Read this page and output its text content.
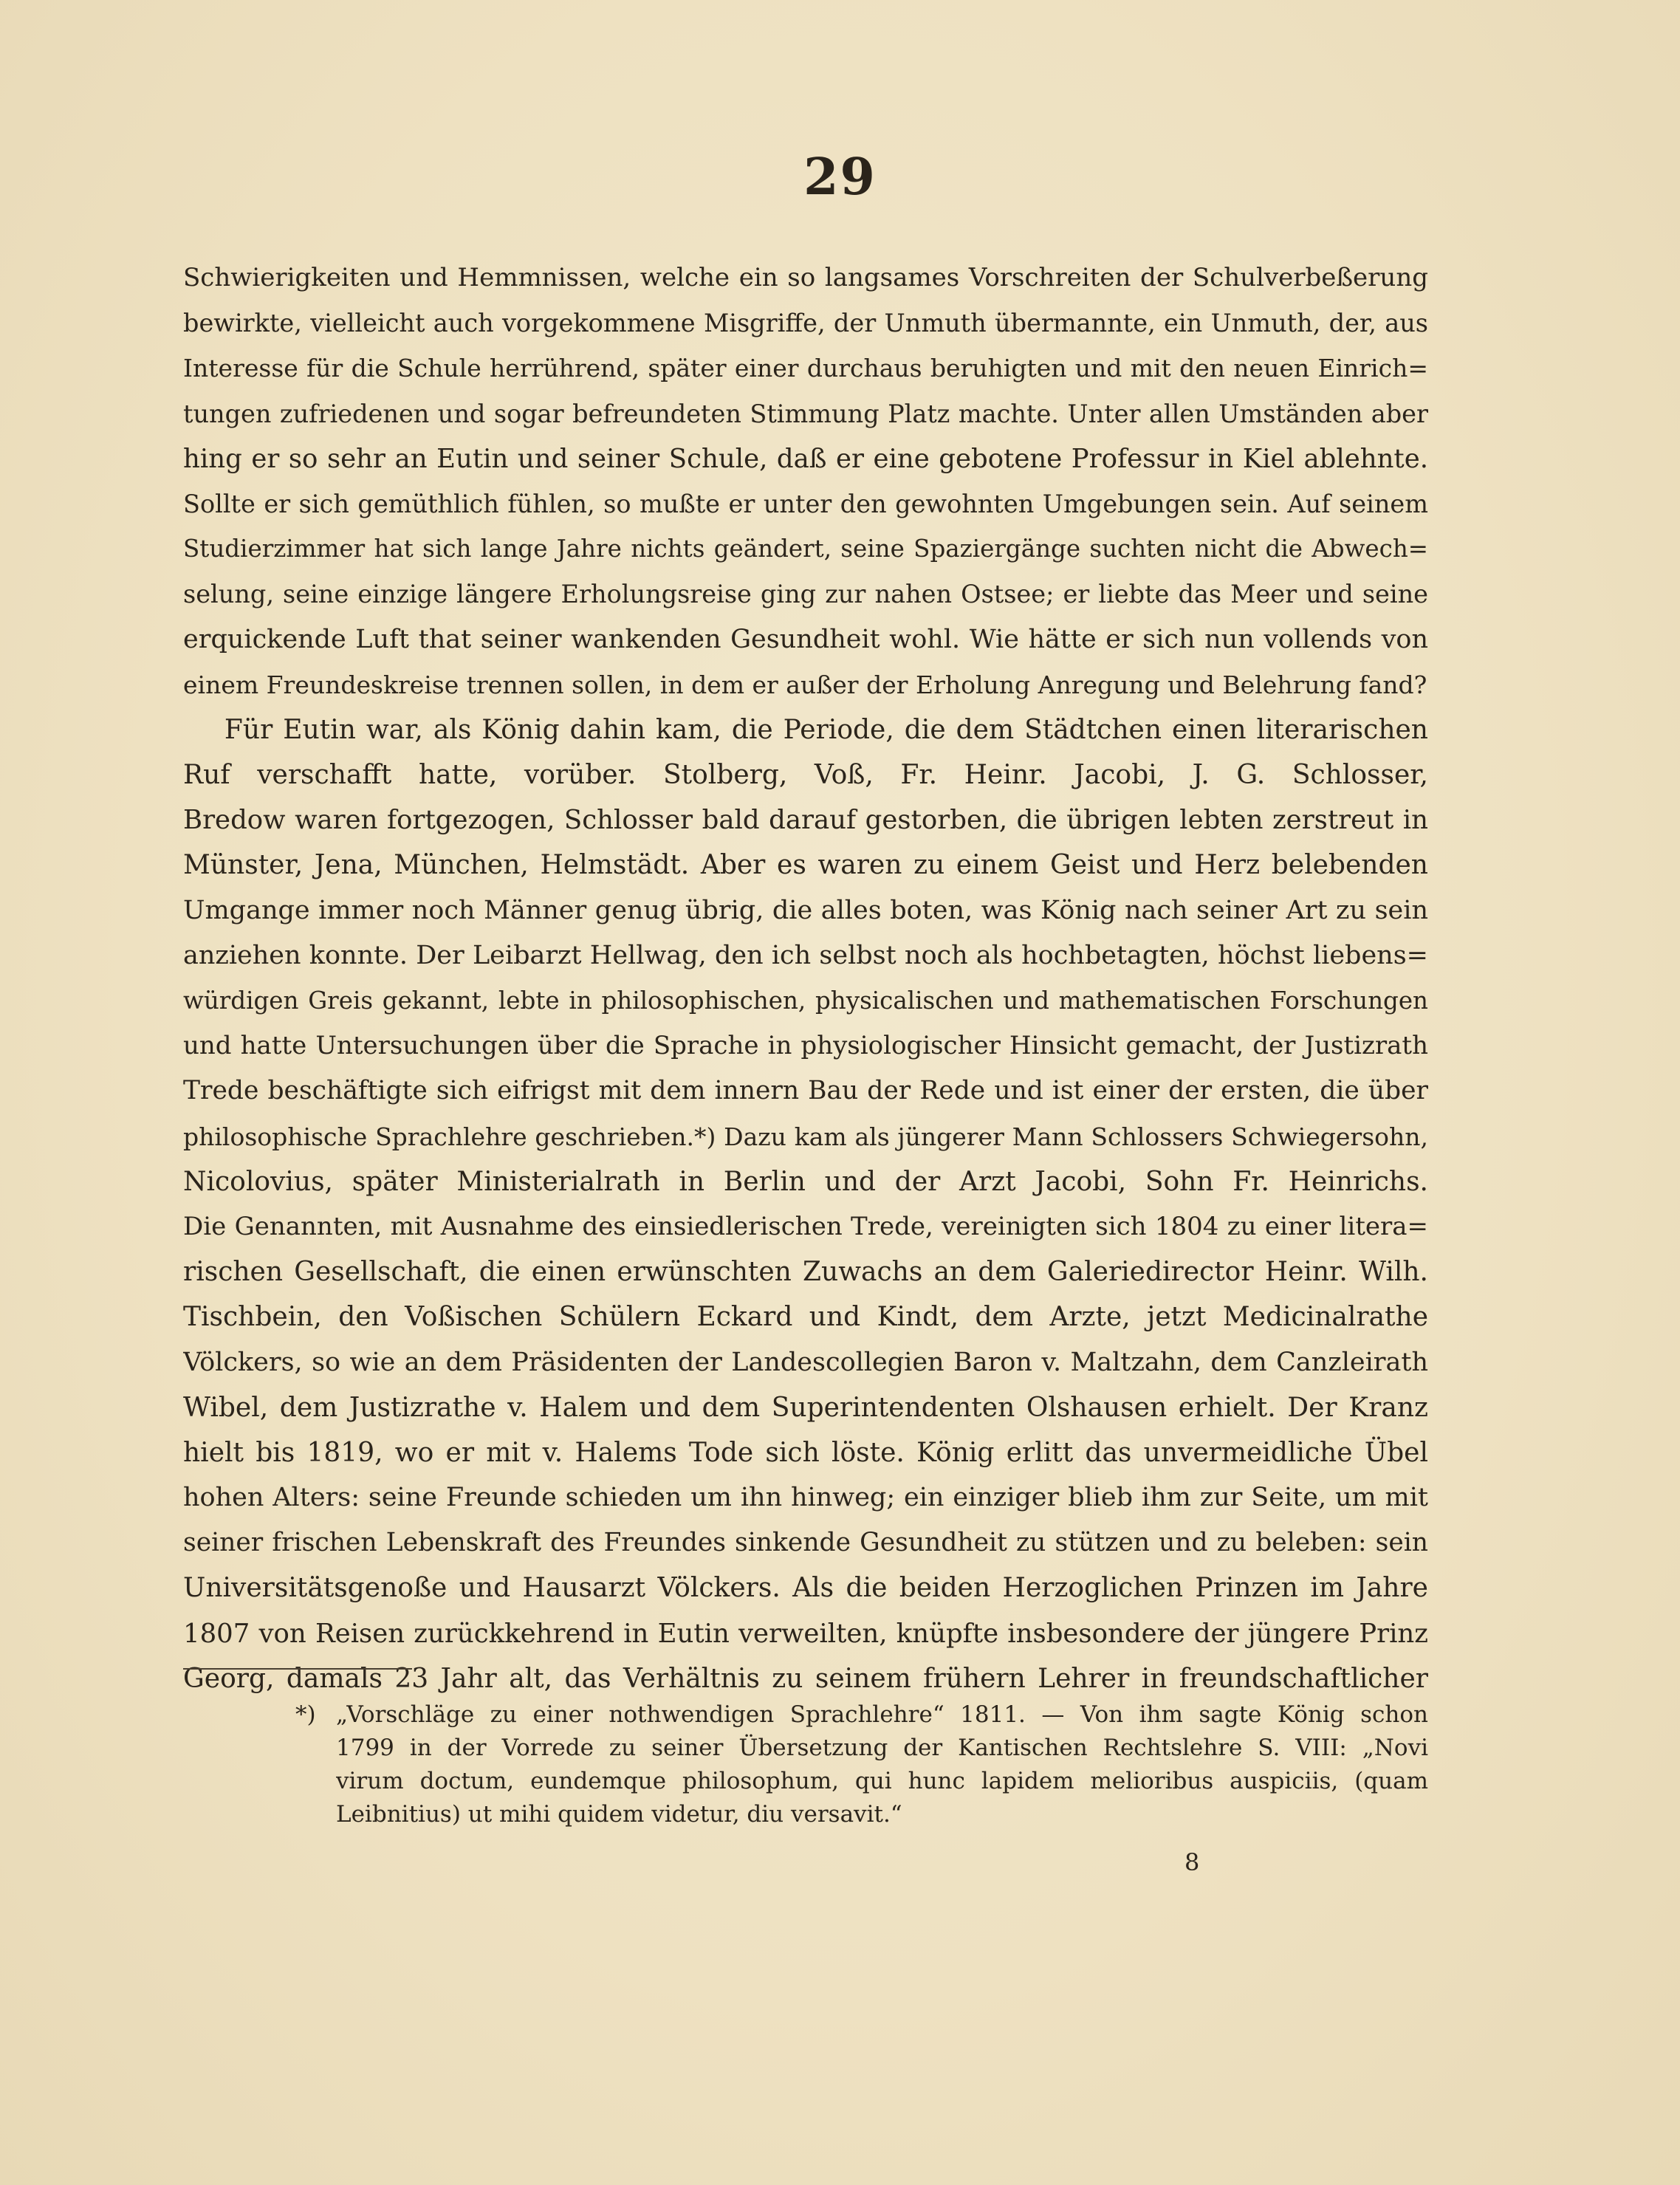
29
Schwierigkeiten und Hemmnissen, welche ein so langsames Vorschreiten der Schulverbeßerung
bewirkte, vielleicht auch vorgekommene Misgriffe, der Unmuth übermannte, ein Unmuth, der, aus
Interesse für die Schule herrührend, später einer durchaus beruhigten und mit den neuen Einrich=
tungen zufriedenen und sogar befreundeten Stimmung Platz machte. Unter allen Umständen aber
hing er so sehr an Eutin und seiner Schule, daß er eine gebotene Professur in Kiel ablehnte.
Sollte er sich gemüthlich fühlen, so mußte er unter den gewohnten Umgebungen sein. Auf seinem
Studierzimmer hat sich lange Jahre nichts geändert, seine Spaziergänge suchten nicht die Abwech=
selung, seine einzige längere Erholungsreise ging zur nahen Ostsee; er liebte das Meer und seine
erquickende Luft that seiner wankenden Gesundheit wohl. Wie hätte er sich nun vollends von
einem Freundeskreise trennen sollen, in dem er außer der Erholung Anregung und Belehrung fand?
Für Eutin war, als König dahin kam, die Periode, die dem Städtchen einen literarischen
Ruf verschafft hatte, vorüber. Stolberg, Voß, Fr. Heinr. Jacobi, J. G. Schlosser,
Bredow waren fortgezogen, Schlosser bald darauf gestorben, die übrigen lebten zerstreut in
Münster, Jena, München, Helmstädt. Aber es waren zu einem Geist und Herz belebenden
Umgange immer noch Männer genug übrig, die alles boten, was König nach seiner Art zu sein
anziehen konnte. Der Leibarzt Hellwag, den ich selbst noch als hochbetagten, höchst liebens=
würdigen Greis gekannt, lebte in philosophischen, physicalischen und mathematischen Forschungen
und hatte Untersuchungen über die Sprache in physiologischer Hinsicht gemacht, der Justizrath
Trede beschäftigte sich eifrigst mit dem innern Bau der Rede und ist einer der ersten, die über
philosophische Sprachlehre geschrieben.*) Dazu kam als jüngerer Mann Schlossers Schwiegersohn,
Nicolovius, später Ministerialrath in Berlin und der Arzt Jacobi, Sohn Fr. Heinrichs.
Die Genannten, mit Ausnahme des einsiedlerischen Trede, vereinigten sich 1804 zu einer litera=
rischen Gesellschaft, die einen erwünschten Zuwachs an dem Galeriedirector Heinr. Wilh.
Tischbein, den Voßischen Schülern Eckard und Kindt, dem Arzte, jetzt Medicinalrathe
Völckers, so wie an dem Präsidenten der Landescollegien Baron v. Maltzahn, dem Canzleirath
Wibel, dem Justizrathe v. Halem und dem Superintendenten Olshausen erhielt. Der Kranz
hielt bis 1819, wo er mit v. Halems Tode sich löste. König erlitt das unvermeidliche Übel
hohen Alters: seine Freunde schieden um ihn hinweg; ein einziger blieb ihm zur Seite, um mit
seiner frischen Lebenskraft des Freundes sinkende Gesundheit zu stützen und zu beleben: sein
Universitätsgenoße und Hausarzt Völckers. Als die beiden Herzoglichen Prinzen im Jahre
1807 von Reisen zurückkehrend in Eutin verweilten, knüpfte insbesondere der jüngere Prinz
Georg, damals 23 Jahr alt, das Verhältnis zu seinem frühern Lehrer in freundschaftlicher
*) „Vorschläge zu einer nothwendigen Sprachlehre“ 1811. — Von ihm sagte König schon
1799 in der Vorrede zu seiner Übersetzung der Kantischen Rechtslehre S. VIII: „Novi
virum doctum, eundemque philosophum, qui hunc lapidem melioribus auspiciis, (quam
Leibnitius) ut mihi quidem videtur, diu versavit.“
8
